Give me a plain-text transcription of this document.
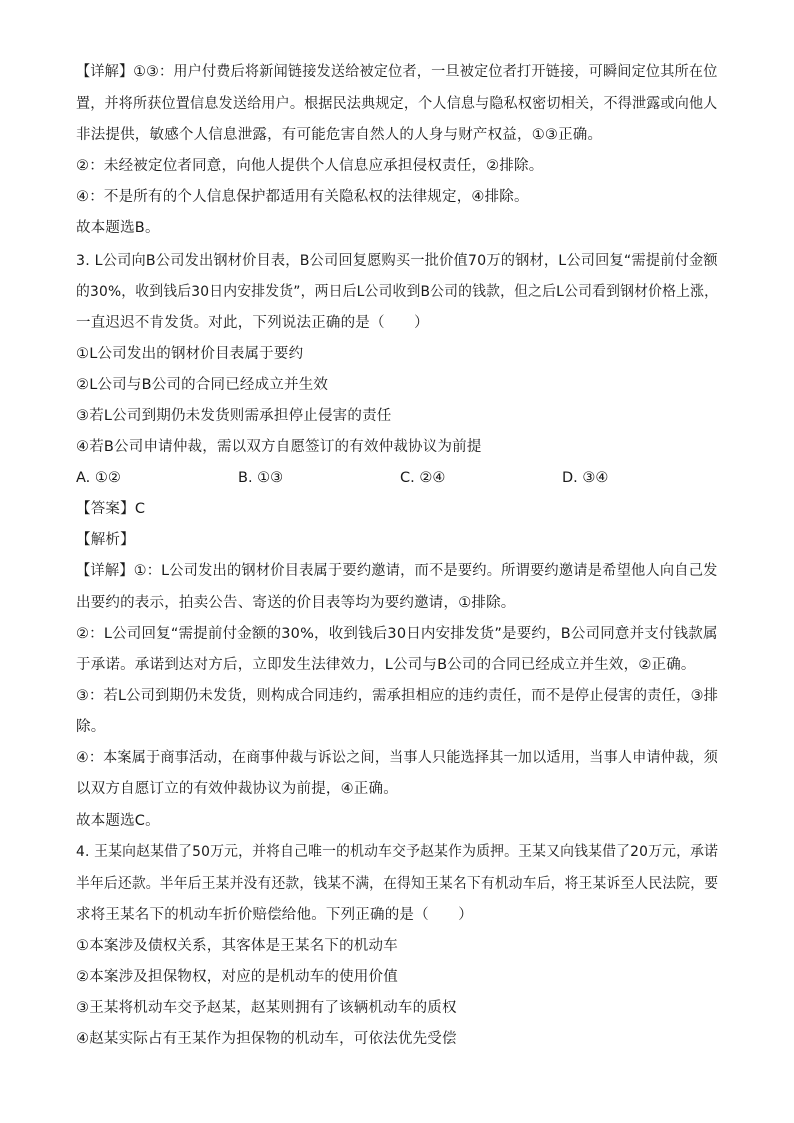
【详解】①③：用户付费后将新闻链接发送给被定位者，一旦被定位者打开链接，可瞬间定位其所在位
置，并将所获位置信息发送给用户。根据民法典规定，个人信息与隐私权密切相关，不得泄露或向他人
非法提供，敏感个人信息泄露，有可能危害自然人的人身与财产权益，①③正确。
②：未经被定位者同意，向他人提供个人信息应承担侵权责任，②排除。
④：不是所有的个人信息保护都适用有关隐私权的法律规定，④排除。
故本题选B。
3. L公司向B公司发出钢材价目表，B公司回复愿购买一批价值70万的钢材，L公司回复“需提前付金额
的30%，收到钱后30日内安排发货”，两日后L公司收到B公司的钱款，但之后L公司看到钢材价格上涨，
一直迟迟不肯发货。对此，下列说法正确的是（　　）
①L公司发出的钢材价目表属于要约
②L公司与B公司的合同已经成立并生效
③若L公司到期仍未发货则需承担停止侵害的责任
④若B公司申请仲裁，需以双方自愿签订的有效仲裁协议为前提
A. ①②	B. ①③	C. ②④	D. ③④
【答案】C
【解析】
【详解】①：L公司发出的钢材价目表属于要约邀请，而不是要约。所谓要约邀请是希望他人向自己发
出要约的表示，拍卖公告、寄送的价目表等均为要约邀请，①排除。
②：L公司回复“需提前付金额的30%，收到钱后30日内安排发货”是要约，B公司同意并支付钱款属
于承诺。承诺到达对方后，立即发生法律效力，L公司与B公司的合同已经成立并生效，②正确。
③：若L公司到期仍未发货，则构成合同违约，需承担相应的违约责任，而不是停止侵害的责任，③排
除。
④：本案属于商事活动，在商事仲裁与诉讼之间，当事人只能选择其一加以适用，当事人申请仲裁，须
以双方自愿订立的有效仲裁协议为前提，④正确。
故本题选C。
4. 王某向赵某借了50万元，并将自己唯一的机动车交予赵某作为质押。王某又向钱某借了20万元，承诺
半年后还款。半年后王某并没有还款，钱某不满，在得知王某名下有机动车后，将王某诉至人民法院，要
求将王某名下的机动车折价赔偿给他。下列正确的是（　　）
①本案涉及债权关系，其客体是王某名下的机动车
②本案涉及担保物权，对应的是机动车的使用价值
③王某将机动车交予赵某，赵某则拥有了该辆机动车的质权
④赵某实际占有王某作为担保物的机动车，可依法优先受偿
